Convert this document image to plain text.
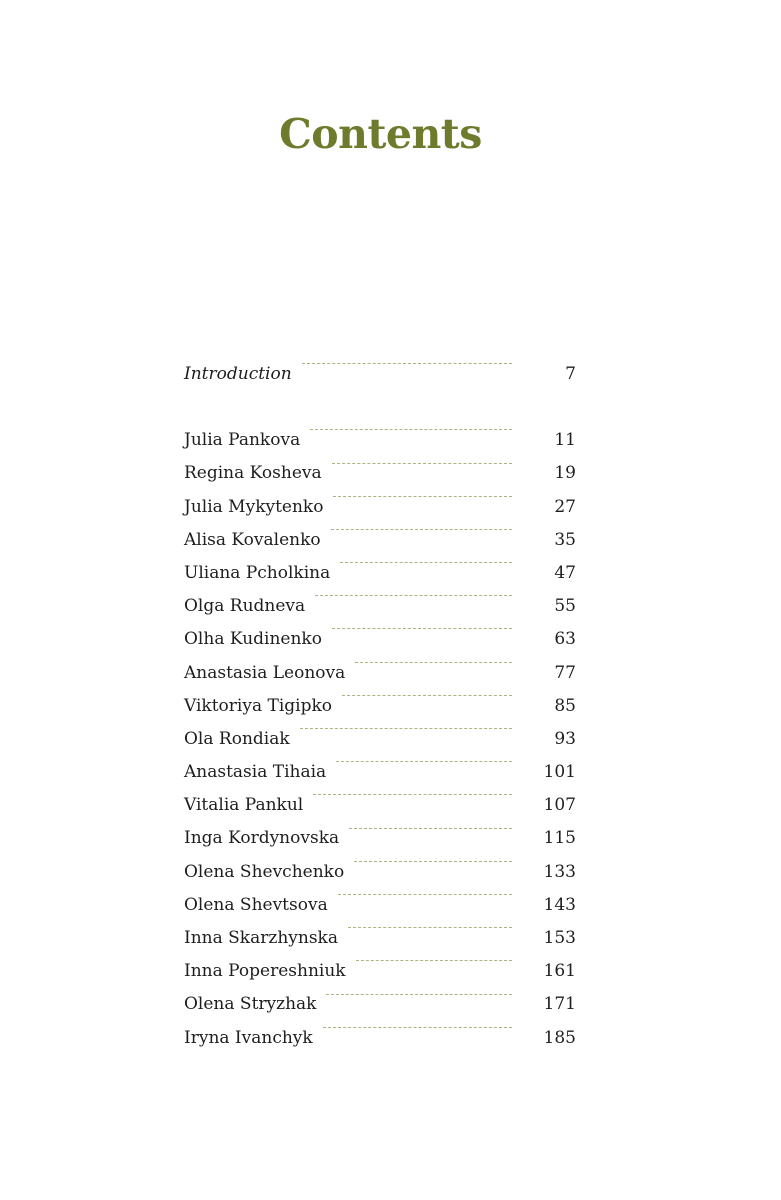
Contents
Introduction	7
Julia Pankova	11
Regina Kosheva	19
Julia Mykytenko	27
Alisa Kovalenko	35
Uliana Pcholkina	47
Olga Rudneva	55
Olha Kudinenko	63
Anastasia Leonova	77
Viktoriya Tigipko	85
Ola Rondiak	93
Anastasia Tihaia	101
Vitalia Pankul	107
Inga Kordynovska	115
Olena Shevchenko	133
Olena Shevtsova	143
Inna Skarzhynska	153
Inna Popereshniuk	161
Olena Stryzhak	171
Iryna Ivanchyk	185
